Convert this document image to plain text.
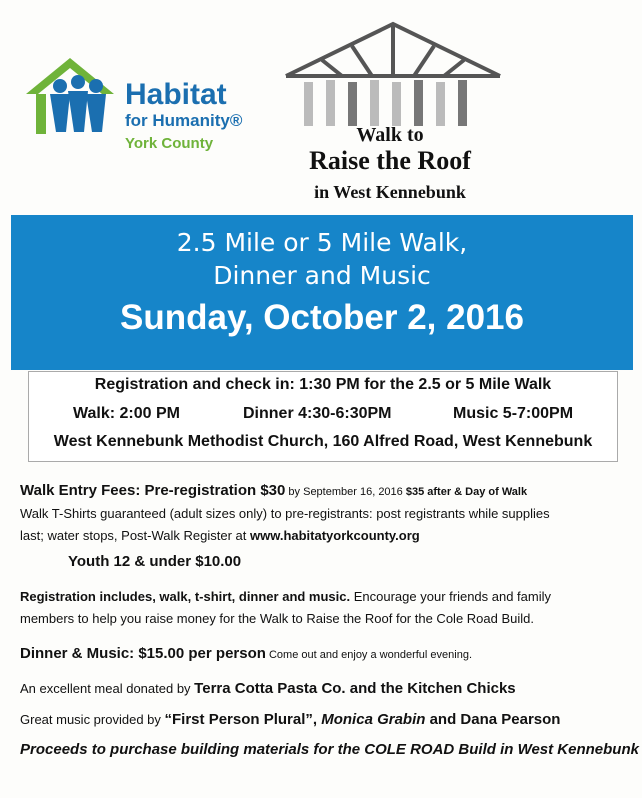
Habitat
for Humanity®
York County	Walk to
Raise the Roof
in West Kennebunk
2.5 Mile or 5 Mile Walk,
Dinner and Music
Sunday, October 2, 2016
Registration and check in: 1:30 PM for the 2.5 or 5 Mile Walk
Walk: 2:00 PM	Dinner 4:30-6:30PM	Music 5-7:00PM
West Kennebunk Methodist Church, 160 Alfred Road, West Kennebunk
Walk Entry Fees: Pre-registration $30 by September 16, 2016 $35 after & Day of Walk
Walk T-Shirts guaranteed (adult sizes only) to pre-registrants: post registrants while supplies
last; water stops, Post-Walk Register at www.habitatyorkcounty.org
Youth 12 & under $10.00
Registration includes, walk, t-shirt, dinner and music. Encourage your friends and family
members to help you raise money for the Walk to Raise the Roof for the Cole Road Build.
Dinner & Music: $15.00 per person Come out and enjoy a wonderful evening.
An excellent meal donated by Terra Cotta Pasta Co. and the Kitchen Chicks
Great music provided by “First Person Plural”, Monica Grabin and Dana Pearson
Proceeds to purchase building materials for the COLE ROAD Build in West Kennebunk
